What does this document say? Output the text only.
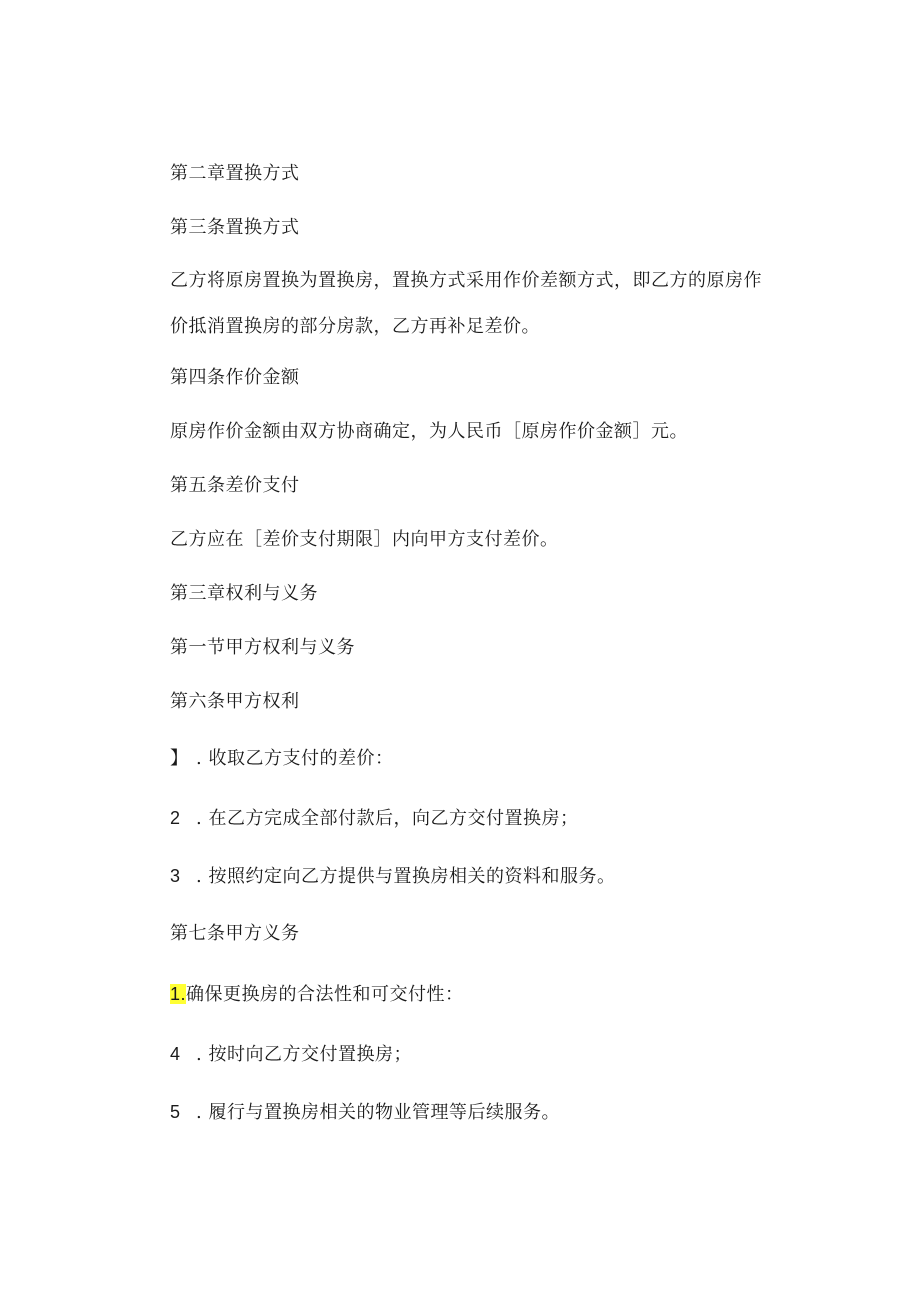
第二章置换方式
第三条置换方式
乙方将原房置换为置换房，置换方式采用作价差额方式，即乙方的原房作价抵消置换房的部分房款，乙方再补足差价。
第四条作价金额
原房作价金额由双方协商确定，为人民币［原房作价金额］元。
第五条差价支付
乙方应在［差价支付期限］内向甲方支付差价。
第三章权利与义务
第一节甲方权利与义务
第六条甲方权利
】 . 收取乙方支付的差价：
2 . 在乙方完成全部付款后，向乙方交付置换房；
3 . 按照约定向乙方提供与置换房相关的资料和服务。
第七条甲方义务
1.确保更换房的合法性和可交付性：
4 . 按时向乙方交付置换房；
5 . 履行与置换房相关的物业管理等后续服务。
